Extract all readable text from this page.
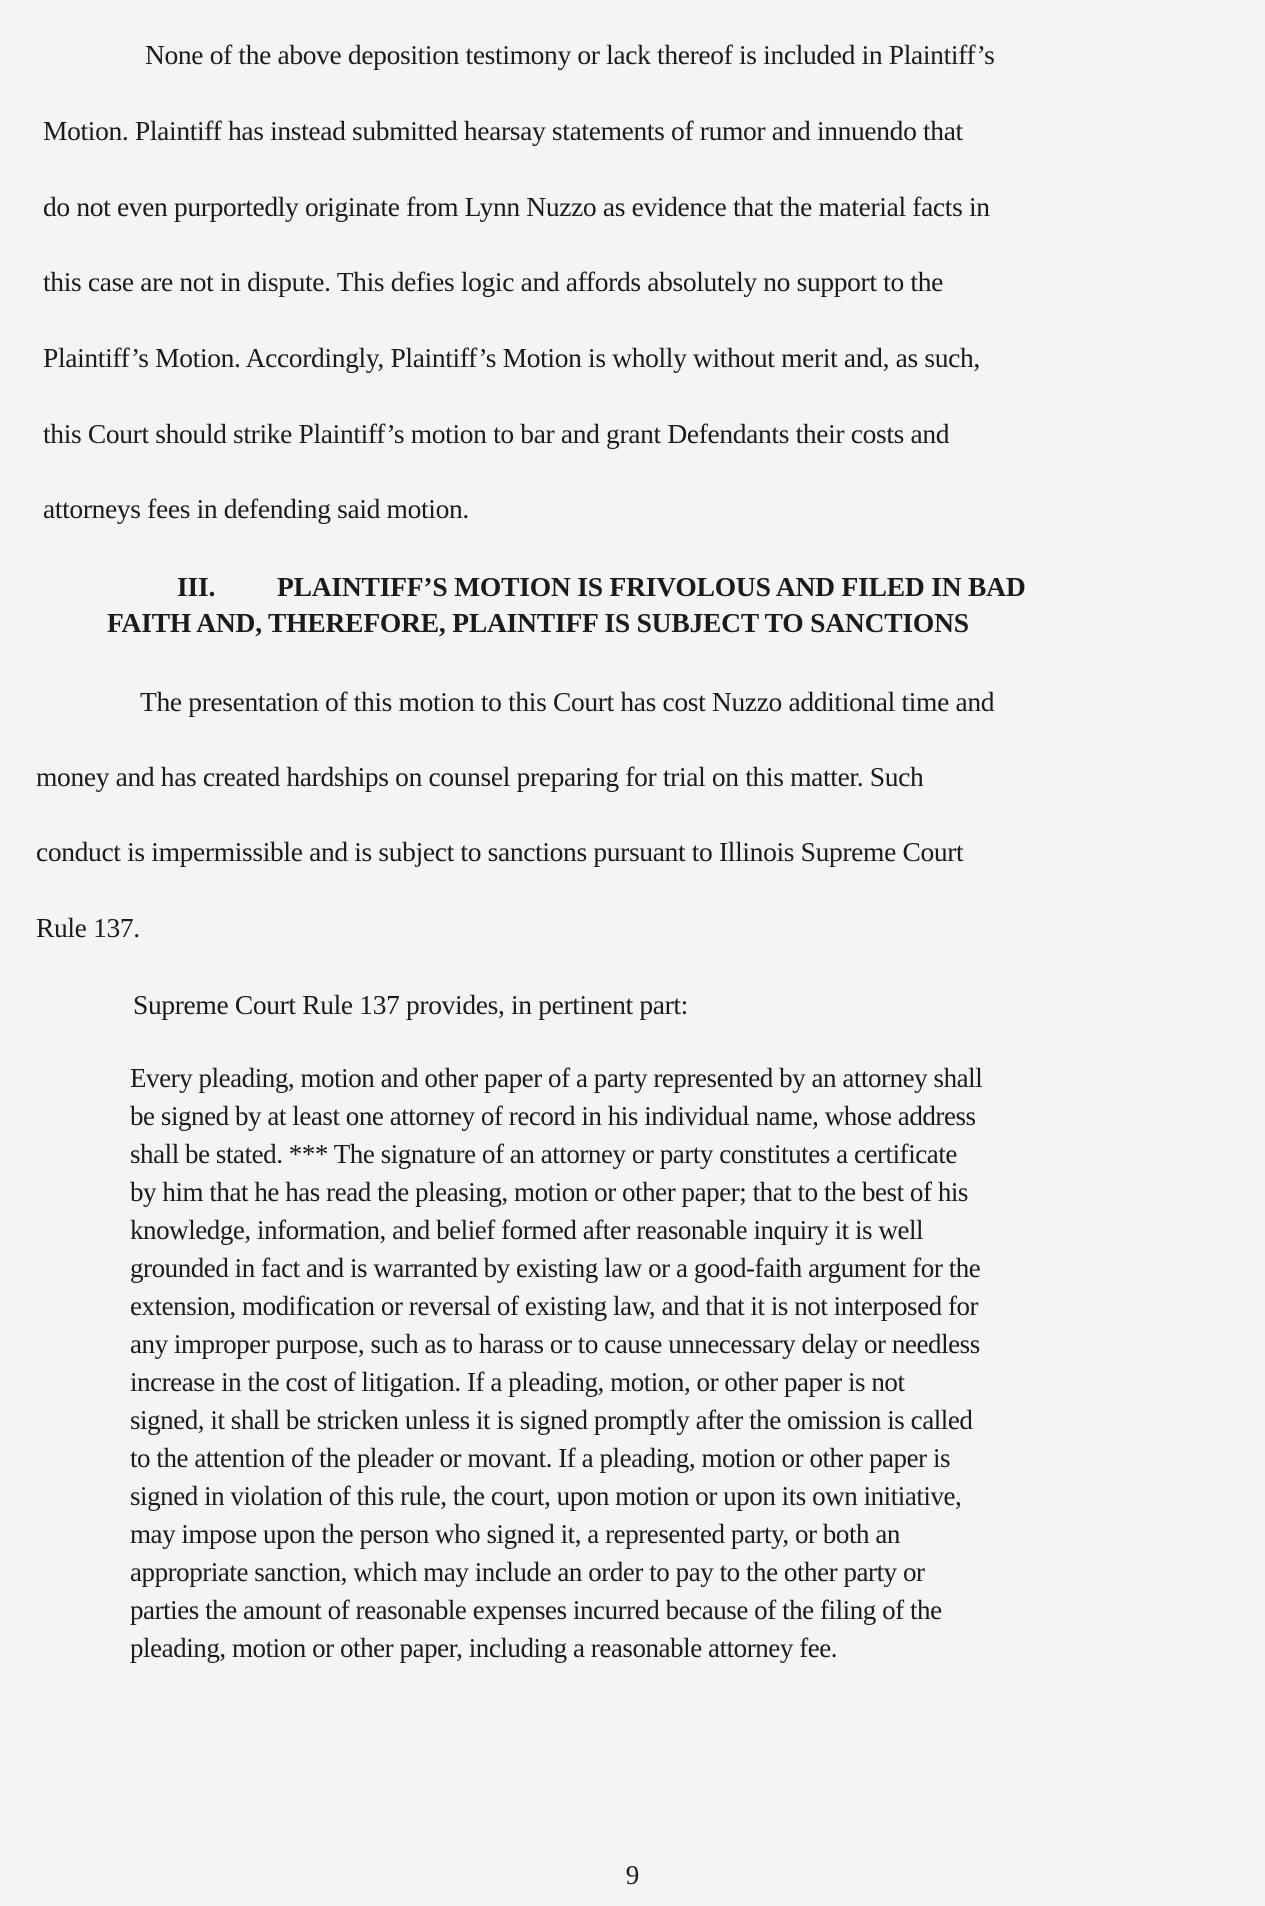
None of the above deposition testimony or lack thereof is included in Plaintiff’s
Motion. Plaintiff has instead submitted hearsay statements of rumor and innuendo that
do not even purportedly originate from Lynn Nuzzo as evidence that the material facts in
this case are not in dispute. This defies logic and affords absolutely no support to the
Plaintiff’s Motion. Accordingly, Plaintiff’s Motion is wholly without merit and, as such,
this Court should strike Plaintiff’s motion to bar and grant Defendants their costs and
attorneys fees in defending said motion.
III. PLAINTIFF’S MOTION IS FRIVOLOUS AND FILED IN BAD
FAITH AND, THEREFORE, PLAINTIFF IS SUBJECT TO SANCTIONS
The presentation of this motion to this Court has cost Nuzzo additional time and
money and has created hardships on counsel preparing for trial on this matter. Such
conduct is impermissible and is subject to sanctions pursuant to Illinois Supreme Court
Rule 137.
Supreme Court Rule 137 provides, in pertinent part:
Every pleading, motion and other paper of a party represented by an attorney shall
be signed by at least one attorney of record in his individual name, whose address
shall be stated. *** The signature of an attorney or party constitutes a certificate
by him that he has read the pleasing, motion or other paper; that to the best of his
knowledge, information, and belief formed after reasonable inquiry it is well
grounded in fact and is warranted by existing law or a good-faith argument for the
extension, modification or reversal of existing law, and that it is not interposed for
any improper purpose, such as to harass or to cause unnecessary delay or needless
increase in the cost of litigation. If a pleading, motion, or other paper is not
signed, it shall be stricken unless it is signed promptly after the omission is called
to the attention of the pleader or movant. If a pleading, motion or other paper is
signed in violation of this rule, the court, upon motion or upon its own initiative,
may impose upon the person who signed it, a represented party, or both an
appropriate sanction, which may include an order to pay to the other party or
parties the amount of reasonable expenses incurred because of the filing of the
pleading, motion or other paper, including a reasonable attorney fee.
9
